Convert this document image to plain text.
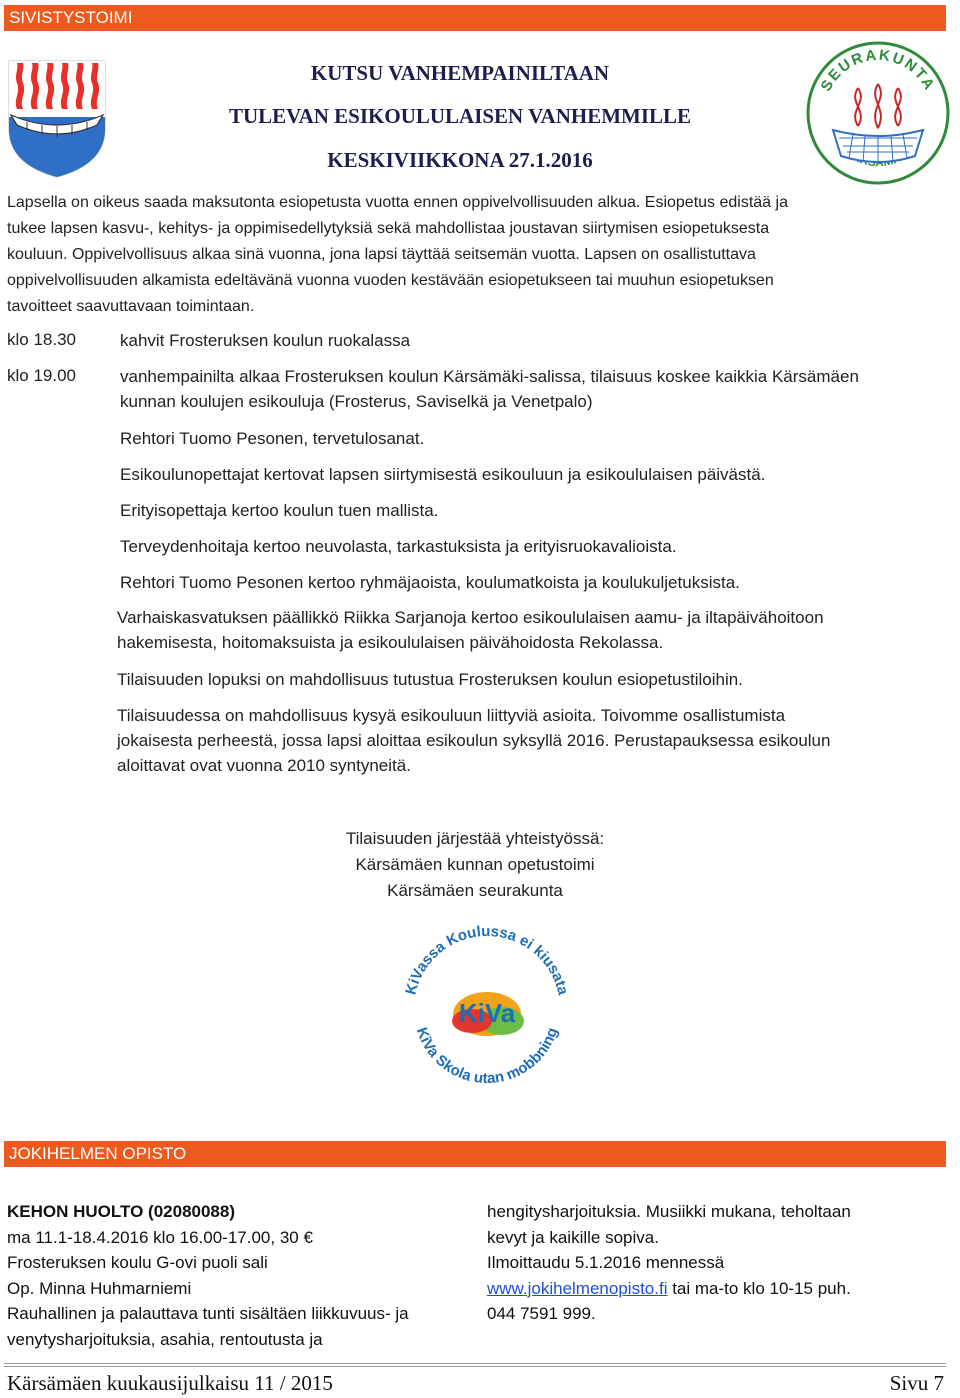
SIVISTYSTOIMI
KUTSU VANHEMPAINILTAAN
TULEVAN ESIKOULULAISEN VANHEMMILLE
KESKIVIIKKONA 27.1.2016
SEURAKUNTA
Lapsella on oikeus saada maksutonta esiopetusta vuotta ennen oppivelvollisuuden alkua. Esiopetus edistää ja
tukee lapsen kasvu-, kehitys- ja oppimisedellytyksiä sekä mahdollistaa joustavan siirtymisen esiopetuksesta
kouluun. Oppivelvollisuus alkaa sinä vuonna, jona lapsi täyttää seitsemän vuotta. Lapsen on osallistuttava
oppivelvollisuuden alkamista edeltävänä vuonna vuoden kestävään esiopetukseen tai muuhun esiopetuksen
tavoitteet saavuttavaan toimintaan.
klo 18.30	kahvit Frosteruksen koulun ruokalassa
klo 19.00	vanhempainilta alkaa Frosteruksen koulun Kärsämäki-salissa, tilaisuus koskee kaikkia Kärsämäen
kunnan koulujen esikouluja (Frosterus, Saviselkä ja Venetpalo)
Rehtori Tuomo Pesonen, tervetulosanat.
Esikoulunopettajat kertovat lapsen siirtymisestä esikouluun ja esikoululaisen päivästä.
Erityisopettaja kertoo koulun tuen mallista.
Terveydenhoitaja kertoo neuvolasta, tarkastuksista ja erityisruokavalioista.
Rehtori Tuomo Pesonen kertoo ryhmäjaoista, koulumatkoista ja koulukuljetuksista.
Varhaiskasvatuksen päällikkö Riikka Sarjanoja kertoo esikoululaisen aamu- ja iltapäivähoitoon
hakemisesta, hoitomaksuista ja esikoululaisen päivähoidosta Rekolassa.
Tilaisuuden lopuksi on mahdollisuus tutustua Frosteruksen koulun esiopetustiloihin.
Tilaisuudessa on mahdollisuus kysyä esikouluun liittyviä asioita. Toivomme osallistumista
jokaisesta perheestä, jossa lapsi aloittaa esikoulun syksyllä 2016. Perustapauksessa esikoulun
aloittavat ovat vuonna 2010 syntyneitä.
Tilaisuuden järjestää yhteistyössä:
Kärsämäen kunnan opetustoimi
Kärsämäen seurakunta
KiVassa Koulussa ei kiusata
KiVa Skola utan mobbning
KiVa
JOKIHELMEN OPISTO
KEHON HUOLTO (02080088)
ma 11.1-18.4.2016 klo 16.00-17.00, 30 €
Frosteruksen koulu G-ovi puoli sali
Op. Minna Huhmarniemi
Rauhallinen ja palauttava tunti sisältäen liikkuvuus- ja
venytysharjoituksia, asahia, rentoutusta ja
hengitysharjoituksia. Musiikki mukana, teholtaan
kevyt ja kaikille sopiva.
Ilmoittaudu 5.1.2016 mennessä
www.jokihelmenopisto.fi tai ma-to klo 10-15 puh.
044 7591 999.
Kärsämäen kuukausijulkaisu 11 / 2015	Sivu 7
